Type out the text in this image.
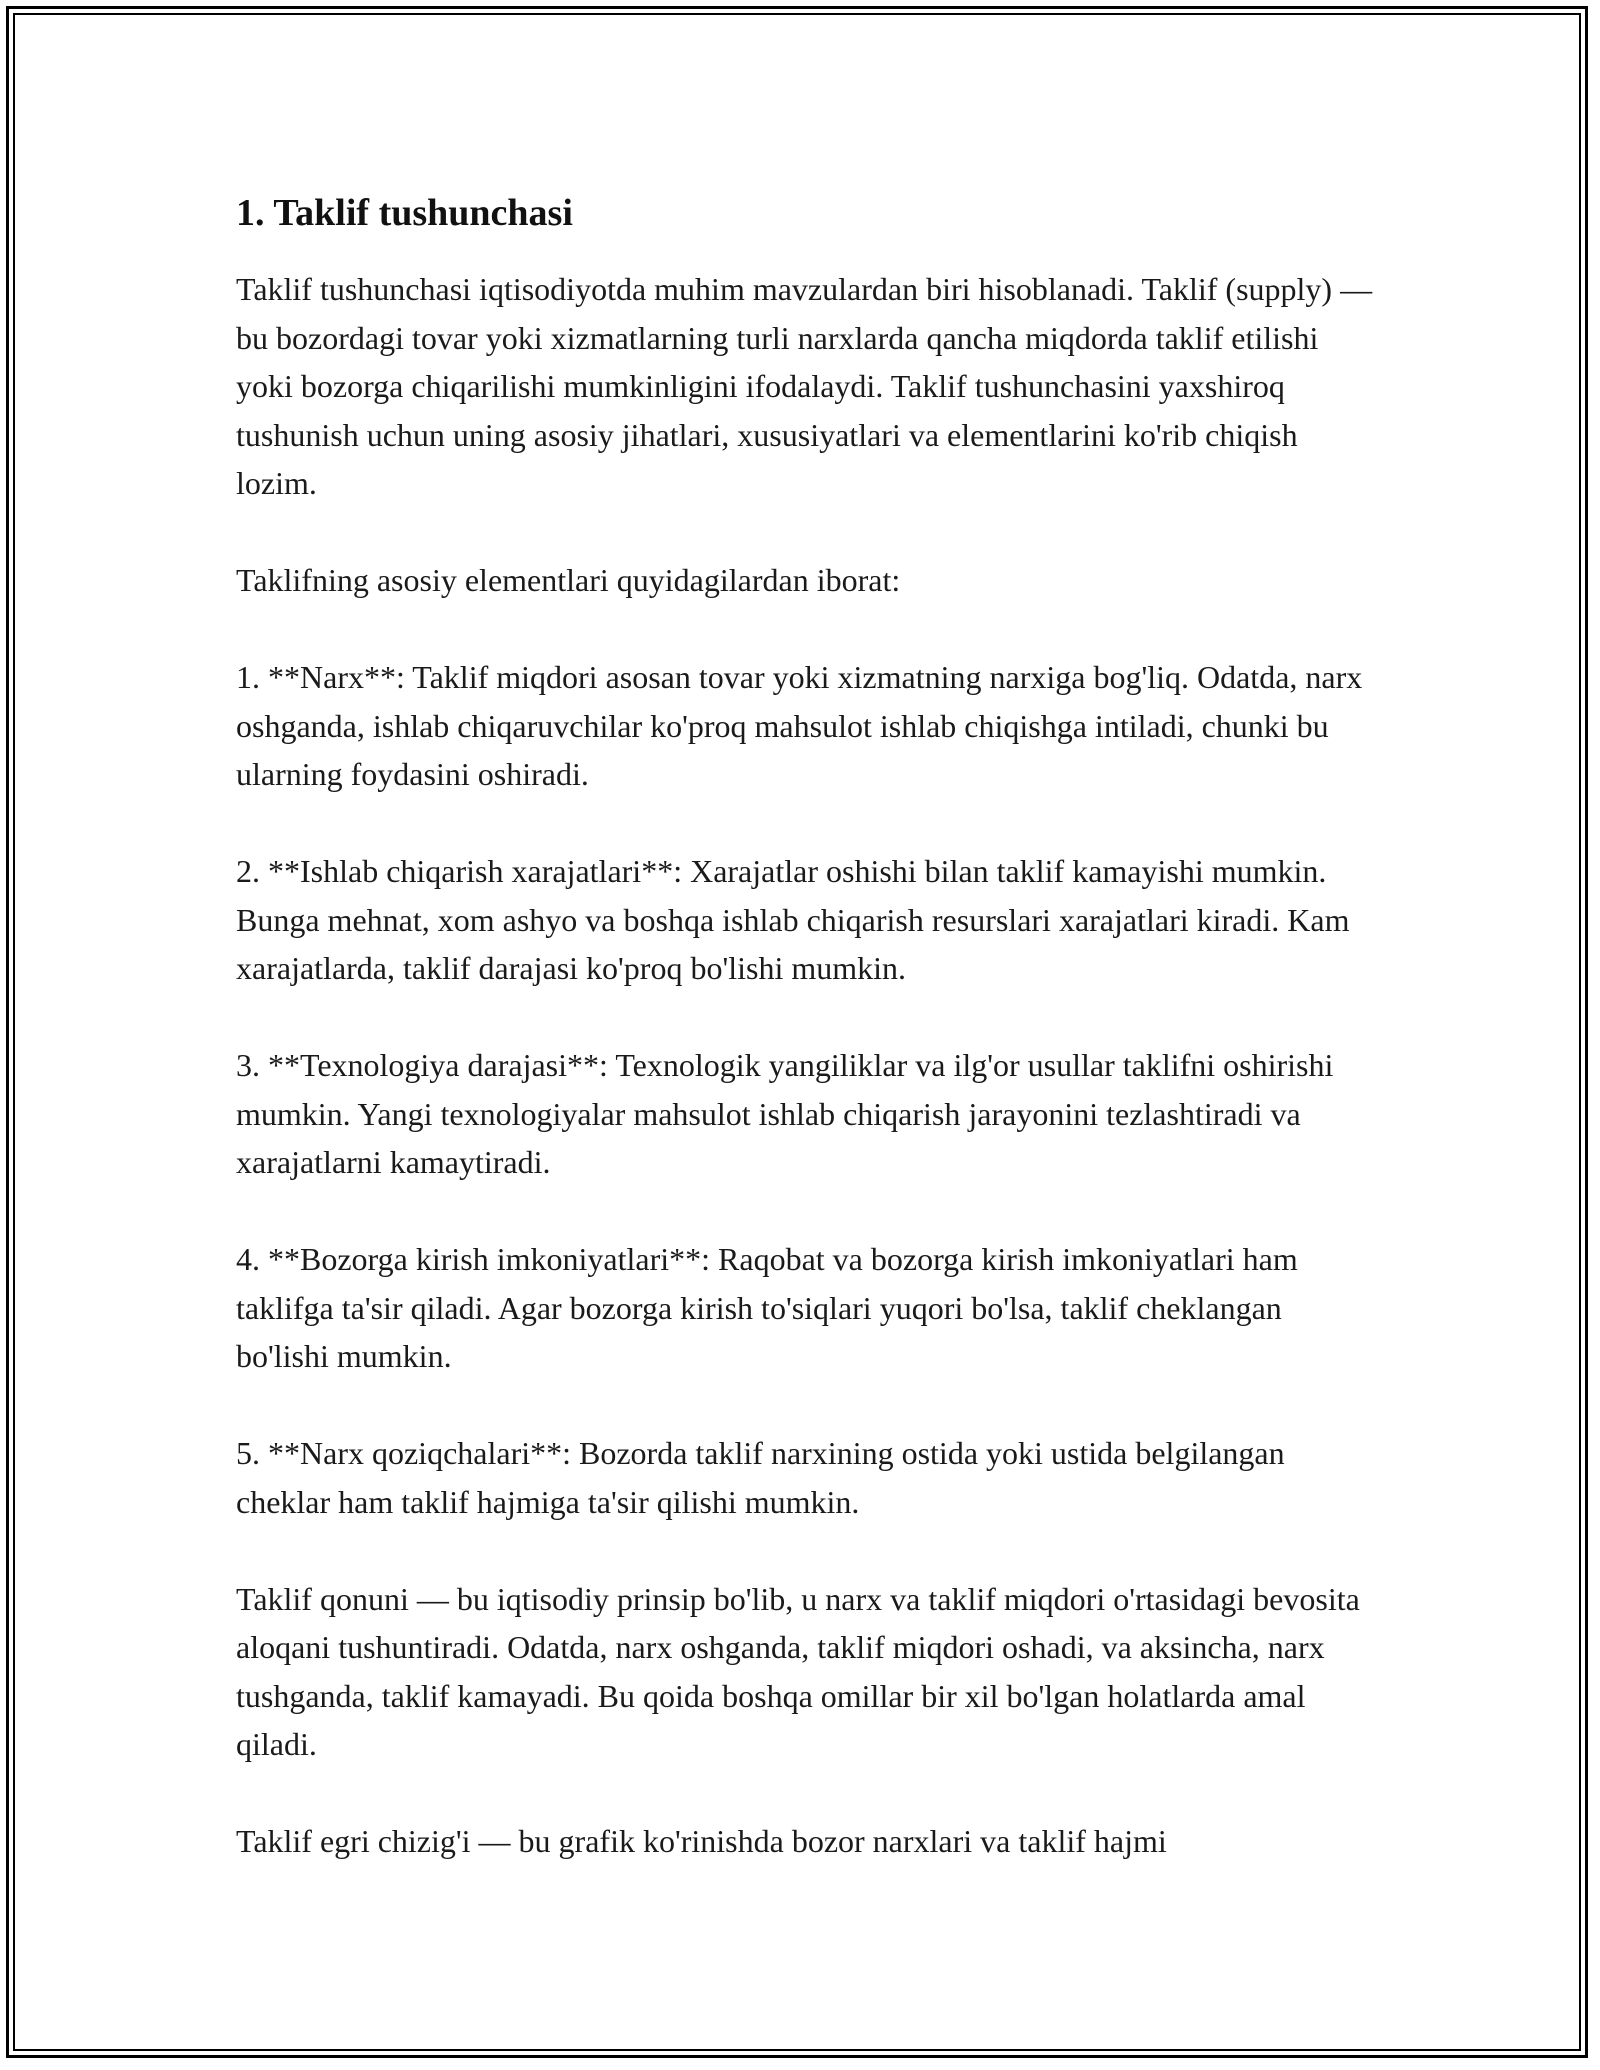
1. Taklif tushunchasi

Taklif tushunchasi iqtisodiyotda muhim mavzulardan biri hisoblanadi. Taklif (supply) — bu bozordagi tovar yoki xizmatlarning turli narxlarda qancha miqdorda taklif etilishi yoki bozorga chiqarilishi mumkinligini ifodalaydi. Taklif tushunchasini yaxshiroq tushunish uchun uning asosiy jihatlari, xususiyatlari va elementlarini ko'rib chiqish lozim.

Taklifning asosiy elementlari quyidagilardan iborat:

1. **Narx**: Taklif miqdori asosan tovar yoki xizmatning narxiga bog'liq. Odatda, narx oshganda, ishlab chiqaruvchilar ko'proq mahsulot ishlab chiqishga intiladi, chunki bu ularning foydasini oshiradi.

2. **Ishlab chiqarish xarajatlari**: Xarajatlar oshishi bilan taklif kamayishi mumkin. Bunga mehnat, xom ashyo va boshqa ishlab chiqarish resurslari xarajatlari kiradi. Kam xarajatlarda, taklif darajasi ko'proq bo'lishi mumkin.

3. **Texnologiya darajasi**: Texnologik yangiliklar va ilg'or usullar taklifni oshirishi mumkin. Yangi texnologiyalar mahsulot ishlab chiqarish jarayonini tezlashtiradi va xarajatlarni kamaytiradi.

4. **Bozorga kirish imkoniyatlari**: Raqobat va bozorga kirish imkoniyatlari ham taklifga ta'sir qiladi. Agar bozorga kirish to'siqlari yuqori bo'lsa, taklif cheklangan bo'lishi mumkin.

5. **Narx qoziqchalari**: Bozorda taklif narxining ostida yoki ustida belgilangan cheklar ham taklif hajmiga ta'sir qilishi mumkin.

Taklif qonuni — bu iqtisodiy prinsip bo'lib, u narx va taklif miqdori o'rtasidagi bevosita aloqani tushuntiradi. Odatda, narx oshganda, taklif miqdori oshadi, va aksincha, narx tushganda, taklif kamayadi. Bu qoida boshqa omillar bir xil bo'lgan holatlarda amal qiladi.

Taklif egri chizig'i — bu grafik ko'rinishda bozor narxlari va taklif hajmi
